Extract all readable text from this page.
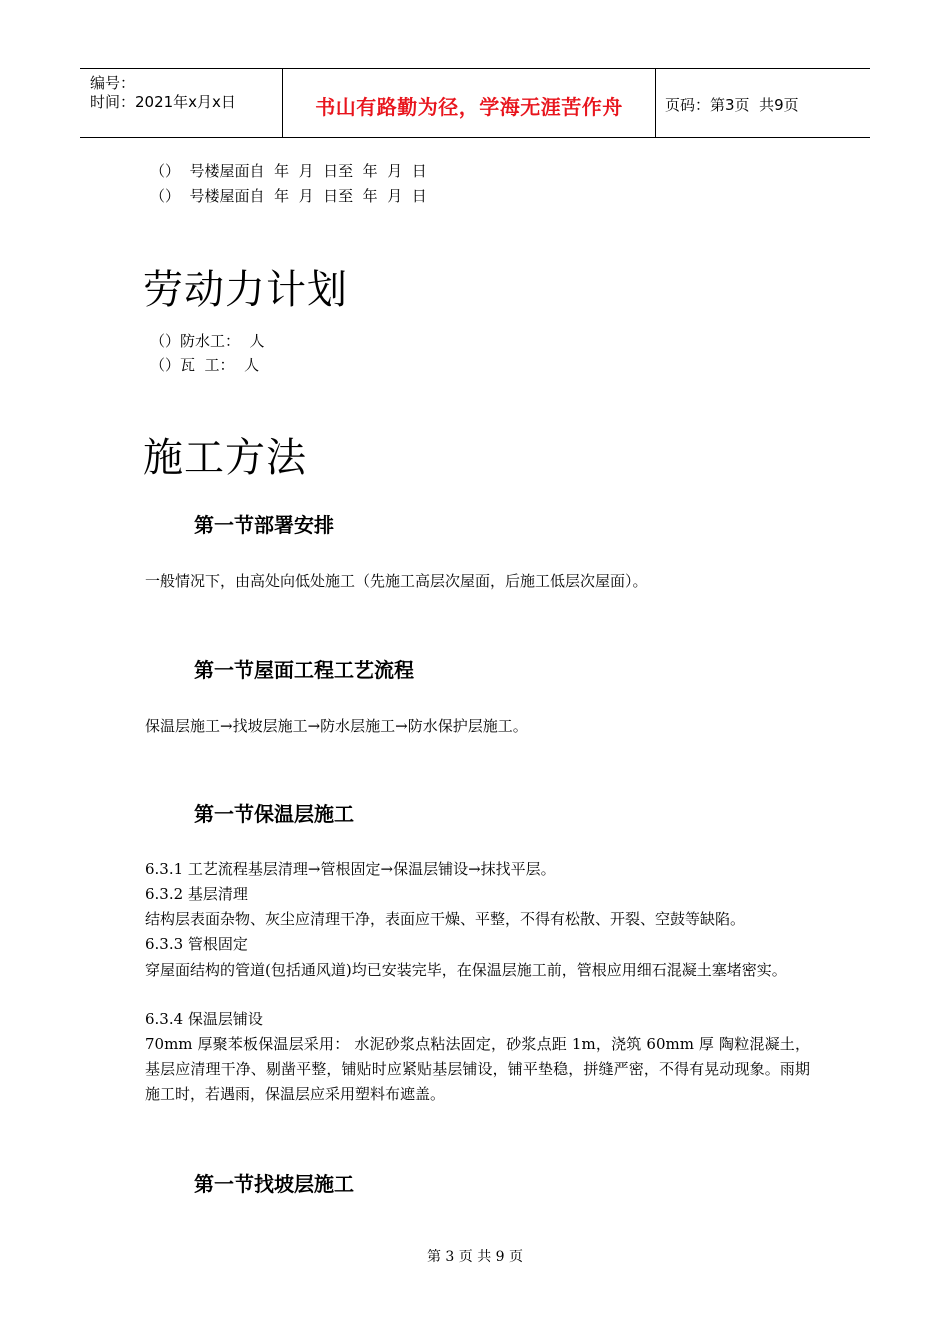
编号：
时间：2021年x月x日	书山有路勤为径，学海无涯苦作舟	页码：第3页  共9页
（）  号楼屋面自  年  月  日至  年  月  日
（）  号楼屋面自  年  月  日至  年  月  日
劳动力计划
（）防水工：  人
（）瓦  工：  人
施工方法
第一节部署安排
一般情况下，由高处向低处施工（先施工高层次屋面，后施工低层次屋面）。
第一节屋面工程工艺流程
保温层施工→找坡层施工→防水层施工→防水保护层施工。
第一节保温层施工
6.3.1 工艺流程基层清理→管根固定→保温层铺设→抹找平层。
6.3.2 基层清理
结构层表面杂物、灰尘应清理干净，表面应干燥、平整，不得有松散、开裂、空鼓等缺陷。
6.3.3 管根固定
穿屋面结构的管道(包括通风道)均已安装完毕，在保温层施工前，管根应用细石混凝土塞堵密实。
6.3.4 保温层铺设
70mm 厚聚苯板保温层采用： 水泥砂浆点粘法固定，砂浆点距 1m，浇筑 60mm 厚 陶粒混凝土，基层应清理干净、剔凿平整，铺贴时应紧贴基层铺设，铺平垫稳，拼缝严密，不得有晃动现象。雨期施工时，若遇雨，保温层应采用塑料布遮盖。
第一节找坡层施工
第 3 页 共 9 页
